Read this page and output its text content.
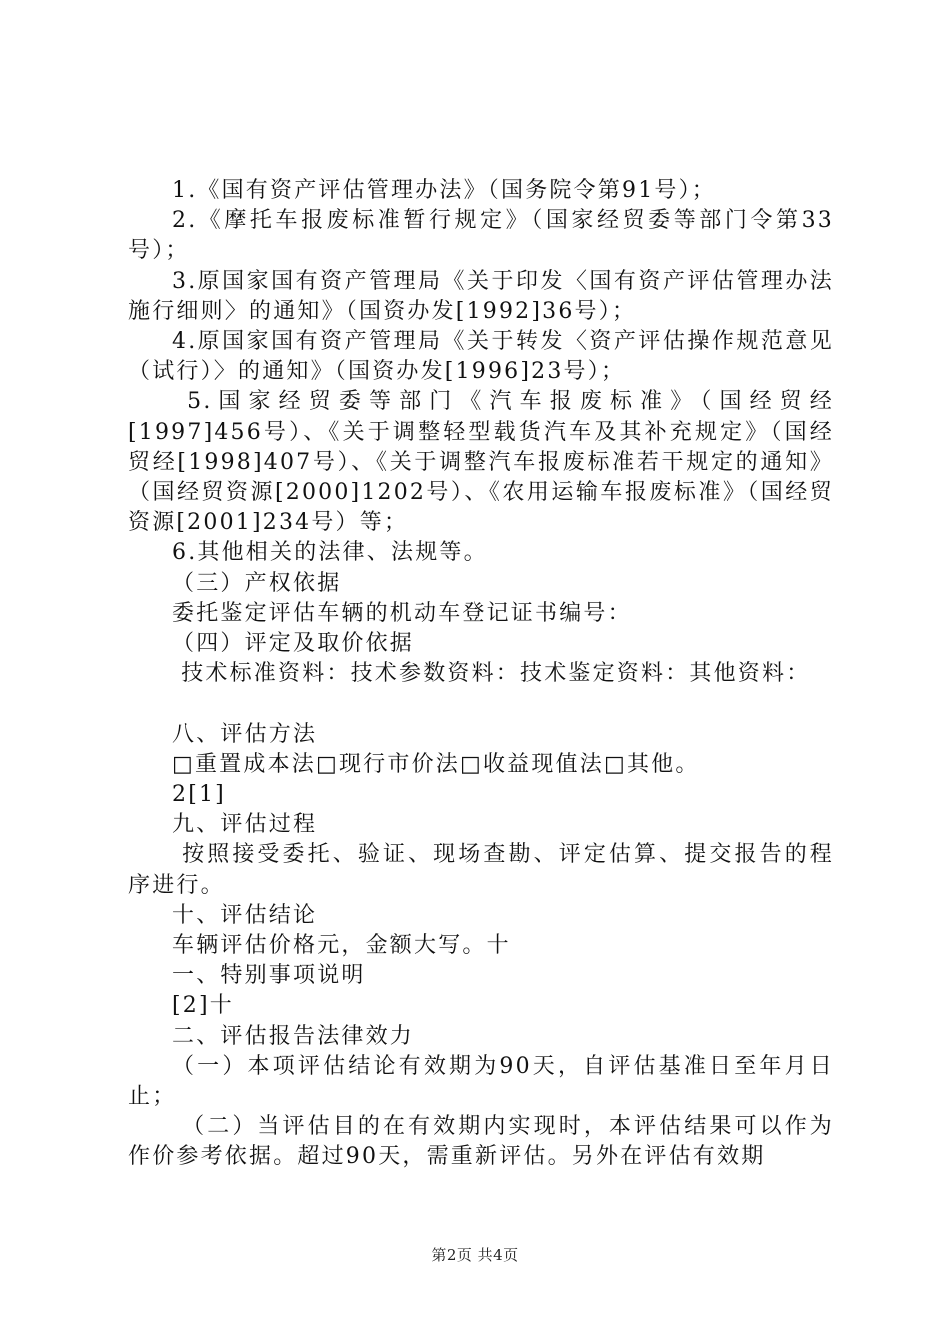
1.《国有资产评估管理办法》（国务院令第91号）；

2.《摩托车报废标准暂行规定》（国家经贸委等部门令第33号）；

3.原国家国有资产管理局《关于印发〈国有资产评估管理办法施行细则〉的通知》（国资办发[1992]36号）；

4.原国家国有资产管理局《关于转发〈资产评估操作规范意见（试行）〉的通知》（国资办发[1996]23号）；

5.国家经贸委等部门《汽车报废标准》（国经贸经[1997]456号）、《关于调整轻型载货汽车及其补充规定》（国经贸经[1998]407号）、《关于调整汽车报废标准若干规定的通知》（国经贸资源[2000]1202号）、《农用运输车报废标准》（国经贸资源[2001]234号）等；

6.其他相关的法律、法规等。

（三）产权依据

委托鉴定评估车辆的机动车登记证书编号：

（四）评定及取价依据

技术标准资料：技术参数资料：技术鉴定资料：其他资料：

八、评估方法

□重置成本法□现行市价法□收益现值法□其他。

2[1]

九、评估过程

按照接受委托、验证、现场查勘、评定估算、提交报告的程序进行。

十、评估结论

车辆评估价格元，金额大写。十

一、特别事项说明

[2]十

二、评估报告法律效力

（一）本项评估结论有效期为90天，自评估基准日至年月日止；

（二）当评估目的在有效期内实现时，本评估结果可以作为作价参考依据。超过90天，需重新评估。另外在评估有效期

第2页 共4页
